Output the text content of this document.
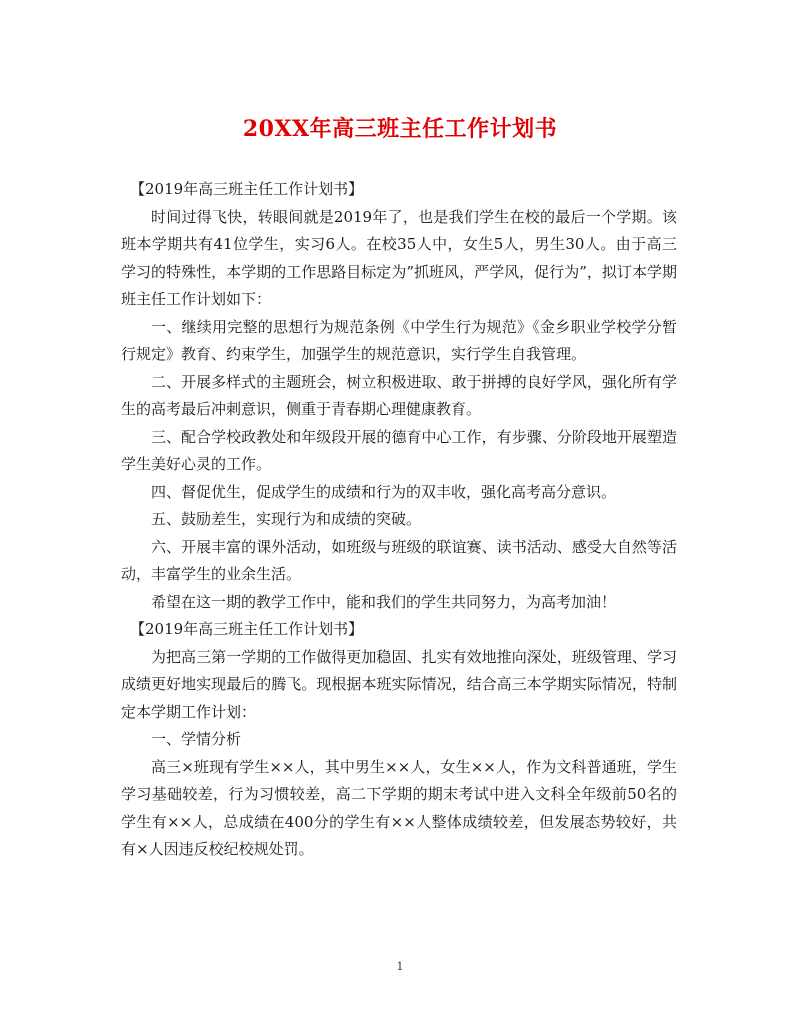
20XX年高三班主任工作计划书

【2019年高三班主任工作计划书】

时间过得飞快，转眼间就是2019年了，也是我们学生在校的最后一个学期。该班本学期共有41位学生，实习6人。在校35人中，女生5人，男生30人。由于高三学习的特殊性，本学期的工作思路目标定为”抓班风，严学风，促行为”，拟订本学期班主任工作计划如下：

一、继续用完整的思想行为规范条例《中学生行为规范》《金乡职业学校学分暂行规定》教育、约束学生，加强学生的规范意识，实行学生自我管理。

二、开展多样式的主题班会，树立积极进取、敢于拼搏的良好学风，强化所有学生的高考最后冲刺意识，侧重于青春期心理健康教育。

三、配合学校政教处和年级段开展的德育中心工作，有步骤、分阶段地开展塑造学生美好心灵的工作。

四、督促优生，促成学生的成绩和行为的双丰收，强化高考高分意识。

五、鼓励差生，实现行为和成绩的突破。

六、开展丰富的课外活动，如班级与班级的联谊赛、读书活动、感受大自然等活动，丰富学生的业余生活。

希望在这一期的教学工作中，能和我们的学生共同努力，为高考加油！

【2019年高三班主任工作计划书】

为把高三第一学期的工作做得更加稳固、扎实有效地推向深处，班级管理、学习成绩更好地实现最后的腾飞。现根据本班实际情况，结合高三本学期实际情况，特制定本学期工作计划：

一、学情分析

高三×班现有学生××人，其中男生××人，女生××人，作为文科普通班，学生学习基础较差，行为习惯较差，高二下学期的期末考试中进入文科全年级前50名的学生有××人，总成绩在400分的学生有××人整体成绩较差，但发展态势较好，共有×人因违反校纪校规处罚。

1
